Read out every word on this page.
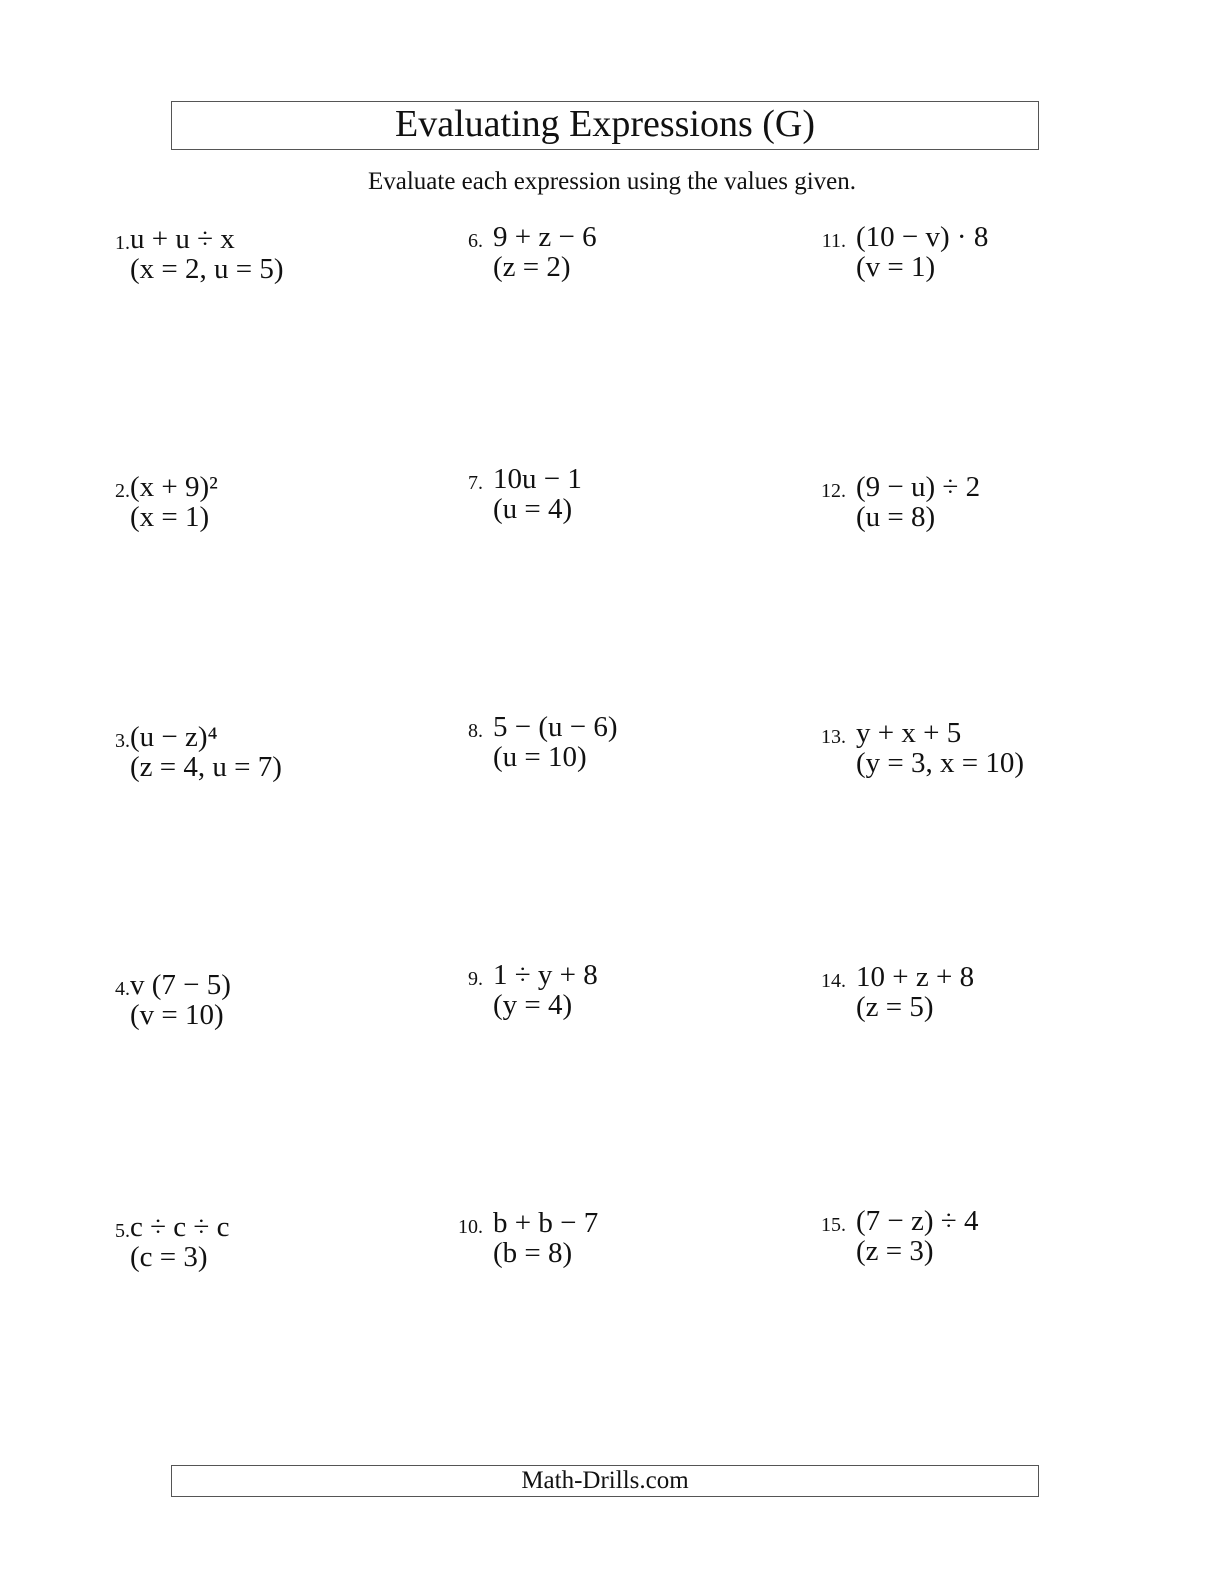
Evaluating Expressions (G)
Evaluate each expression using the values given.
1. u + u ÷ x
(x = 2, u = 5)
2. (x + 9)²
(x = 1)
3. (u − z)⁴
(z = 4, u = 7)
4. v (7 − 5)
(v = 10)
5. c ÷ c ÷ c
(c = 3)
6. 9 + z − 6
(z = 2)
7. 10u − 1
(u = 4)
8. 5 − (u − 6)
(u = 10)
9. 1 ÷ y + 8
(y = 4)
10. b + b − 7
(b = 8)
11. (10 − v) · 8
(v = 1)
12. (9 − u) ÷ 2
(u = 8)
13. y + x + 5
(y = 3, x = 10)
14. 10 + z + 8
(z = 5)
15. (7 − z) ÷ 4
(z = 3)
Math-Drills.com
